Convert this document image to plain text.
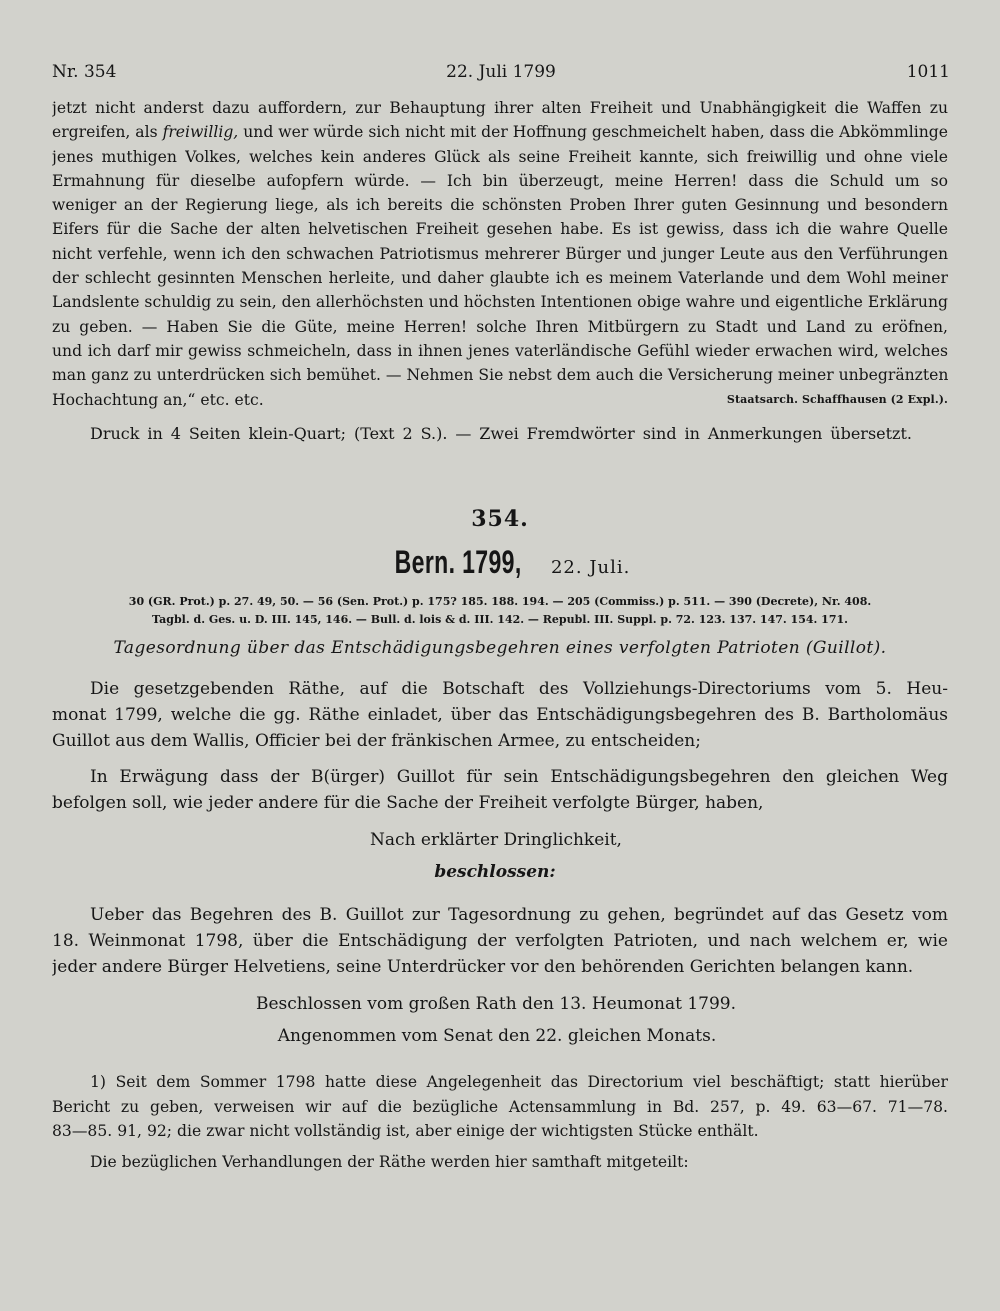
Nr. 354	22. Juli 1799	1011
jetzt nicht anderst dazu auffordern, zur Behauptung ihrer alten Freiheit und Unabhängigkeit die Waffen zu
ergreifen, als freiwillig, und wer würde sich nicht mit der Hoffnung geschmeichelt haben, dass die Abkömmlinge
jenes muthigen Volkes, welches kein anderes Glück als seine Freiheit kannte, sich freiwillig und ohne viele
Ermahnung für dieselbe aufopfern würde. — Ich bin überzeugt, meine Herren! dass die Schuld um so
weniger an der Regierung liege, als ich bereits die schönsten Proben Ihrer guten Gesinnung und besondern
Eifers für die Sache der alten helvetischen Freiheit gesehen habe. Es ist gewiss, dass ich die wahre Quelle
nicht verfehle, wenn ich den schwachen Patriotismus mehrerer Bürger und junger Leute aus den Verführungen
der schlecht gesinnten Menschen herleite, und daher glaubte ich es meinem Vaterlande und dem Wohl meiner
Landslente schuldig zu sein, den allerhöchsten und höchsten Intentionen obige wahre und eigentliche Erklärung
zu geben. — Haben Sie die Güte, meine Herren! solche Ihren Mitbürgern zu Stadt und Land zu eröfnen,
und ich darf mir gewiss schmeicheln, dass in ihnen jenes vaterländische Gefühl wieder erwachen wird, welches
man ganz zu unterdrücken sich bemühet. — Nehmen Sie nebst dem auch die Versicherung meiner unbegränzten
Hochachtung an,“ etc. etc.	Staatsarch. Schaffhausen (2 Expl.).
Druck in 4 Seiten klein-Quart; (Text 2 S.). — Zwei Fremdwörter sind in Anmerkungen übersetzt.
354.
Bern. 1799, 22. Juli.
30 (GR. Prot.) p. 27. 49, 50. — 56 (Sen. Prot.) p. 175? 185. 188. 194. — 205 (Commiss.) p. 511. — 390 (Decrete), Nr. 408.
Tagbl. d. Ges. u. D. III. 145, 146. — Bull. d. lois & d. III. 142. — Republ. III. Suppl. p. 72. 123. 137. 147. 154. 171.
Tagesordnung über das Entschädigungsbegehren eines verfolgten Patrioten (Guillot).
Die gesetzgebenden Räthe, auf die Botschaft des Vollziehungs-Directoriums vom 5. Heu-
monat 1799, welche die gg. Räthe einladet, über das Entschädigungsbegehren des B. Bartholomäus
Guillot aus dem Wallis, Officier bei der fränkischen Armee, zu entscheiden;
In Erwägung dass der B(ürger) Guillot für sein Entschädigungsbegehren den gleichen Weg
befolgen soll, wie jeder andere für die Sache der Freiheit verfolgte Bürger, haben,
Nach erklärter Dringlichkeit,
beschlossen:
Ueber das Begehren des B. Guillot zur Tagesordnung zu gehen, begründet auf das Gesetz vom
18. Weinmonat 1798, über die Entschädigung der verfolgten Patrioten, und nach welchem er, wie
jeder andere Bürger Helvetiens, seine Unterdrücker vor den behörenden Gerichten belangen kann.
Beschlossen vom großen Rath den 13. Heumonat 1799.
Angenommen vom Senat den 22. gleichen Monats.
1) Seit dem Sommer 1798 hatte diese Angelegenheit das Directorium viel beschäftigt; statt hierüber
Bericht zu geben, verweisen wir auf die bezügliche Actensammlung in Bd. 257, p. 49. 63—67. 71—78.
83—85. 91, 92; die zwar nicht vollständig ist, aber einige der wichtigsten Stücke enthält.
Die bezüglichen Verhandlungen der Räthe werden hier samthaft mitgeteilt:
